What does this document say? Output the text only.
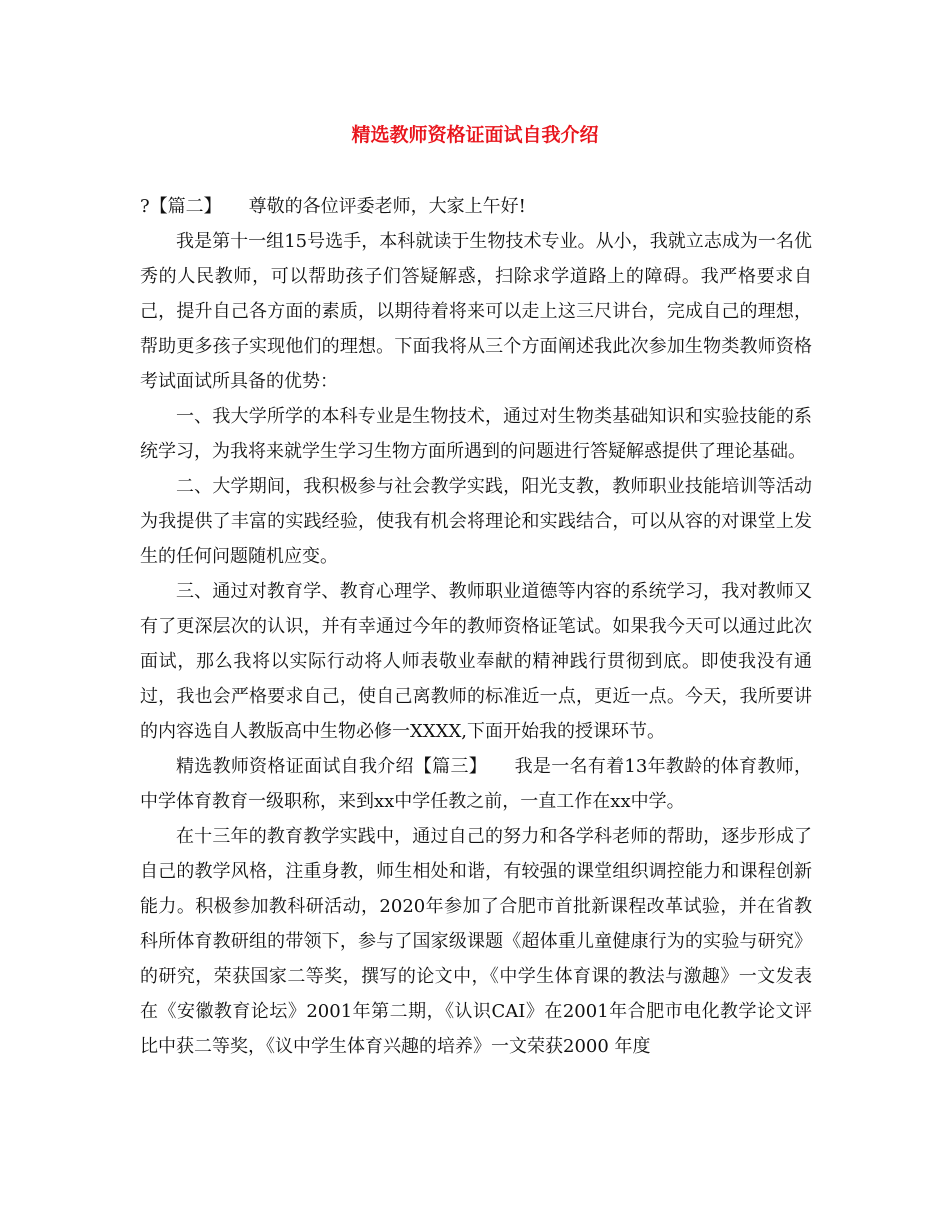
精选教师资格证面试自我介绍

?【篇二】　　尊敬的各位评委老师，大家上午好!

我是第十一组15号选手，本科就读于生物技术专业。从小，我就立志成为一名优秀的人民教师，可以帮助孩子们答疑解惑，扫除求学道路上的障碍。我严格要求自己，提升自己各方面的素质，以期待着将来可以走上这三尺讲台，完成自己的理想，帮助更多孩子实现他们的理想。下面我将从三个方面阐述我此次参加生物类教师资格考试面试所具备的优势：

一、我大学所学的本科专业是生物技术，通过对生物类基础知识和实验技能的系统学习，为我将来就学生学习生物方面所遇到的问题进行答疑解惑提供了理论基础。

二、大学期间，我积极参与社会教学实践，阳光支教，教师职业技能培训等活动为我提供了丰富的实践经验，使我有机会将理论和实践结合，可以从容的对课堂上发生的任何问题随机应变。

三、通过对教育学、教育心理学、教师职业道德等内容的系统学习，我对教师又有了更深层次的认识，并有幸通过今年的教师资格证笔试。如果我今天可以通过此次面试，那么我将以实际行动将人师表敬业奉献的精神践行贯彻到底。即使我没有通过，我也会严格要求自己，使自己离教师的标准近一点，更近一点。今天，我所要讲的内容选自人教版高中生物必修一XXXX,下面开始我的授课环节。

精选教师资格证面试自我介绍【篇三】　　我是一名有着13年教龄的体育教师，中学体育教育一级职称，来到xx中学任教之前，一直工作在xx中学。

在十三年的教育教学实践中，通过自己的努力和各学科老师的帮助，逐步形成了自己的教学风格，注重身教，师生相处和谐，有较强的课堂组织调控能力和课程创新能力。积极参加教科研活动，2020年参加了合肥市首批新课程改革试验，并在省教科所体育教研组的带领下，参与了国家级课题《超体重儿童健康行为的实验与研究》的研究，荣获国家二等奖，撰写的论文中，《中学生体育课的教法与激趣》一文发表在《安徽教育论坛》2001年第二期，《认识CAI》在2001年合肥市电化教学论文评比中获二等奖，《议中学生体育兴趣的培养》一文荣获2000 年度
